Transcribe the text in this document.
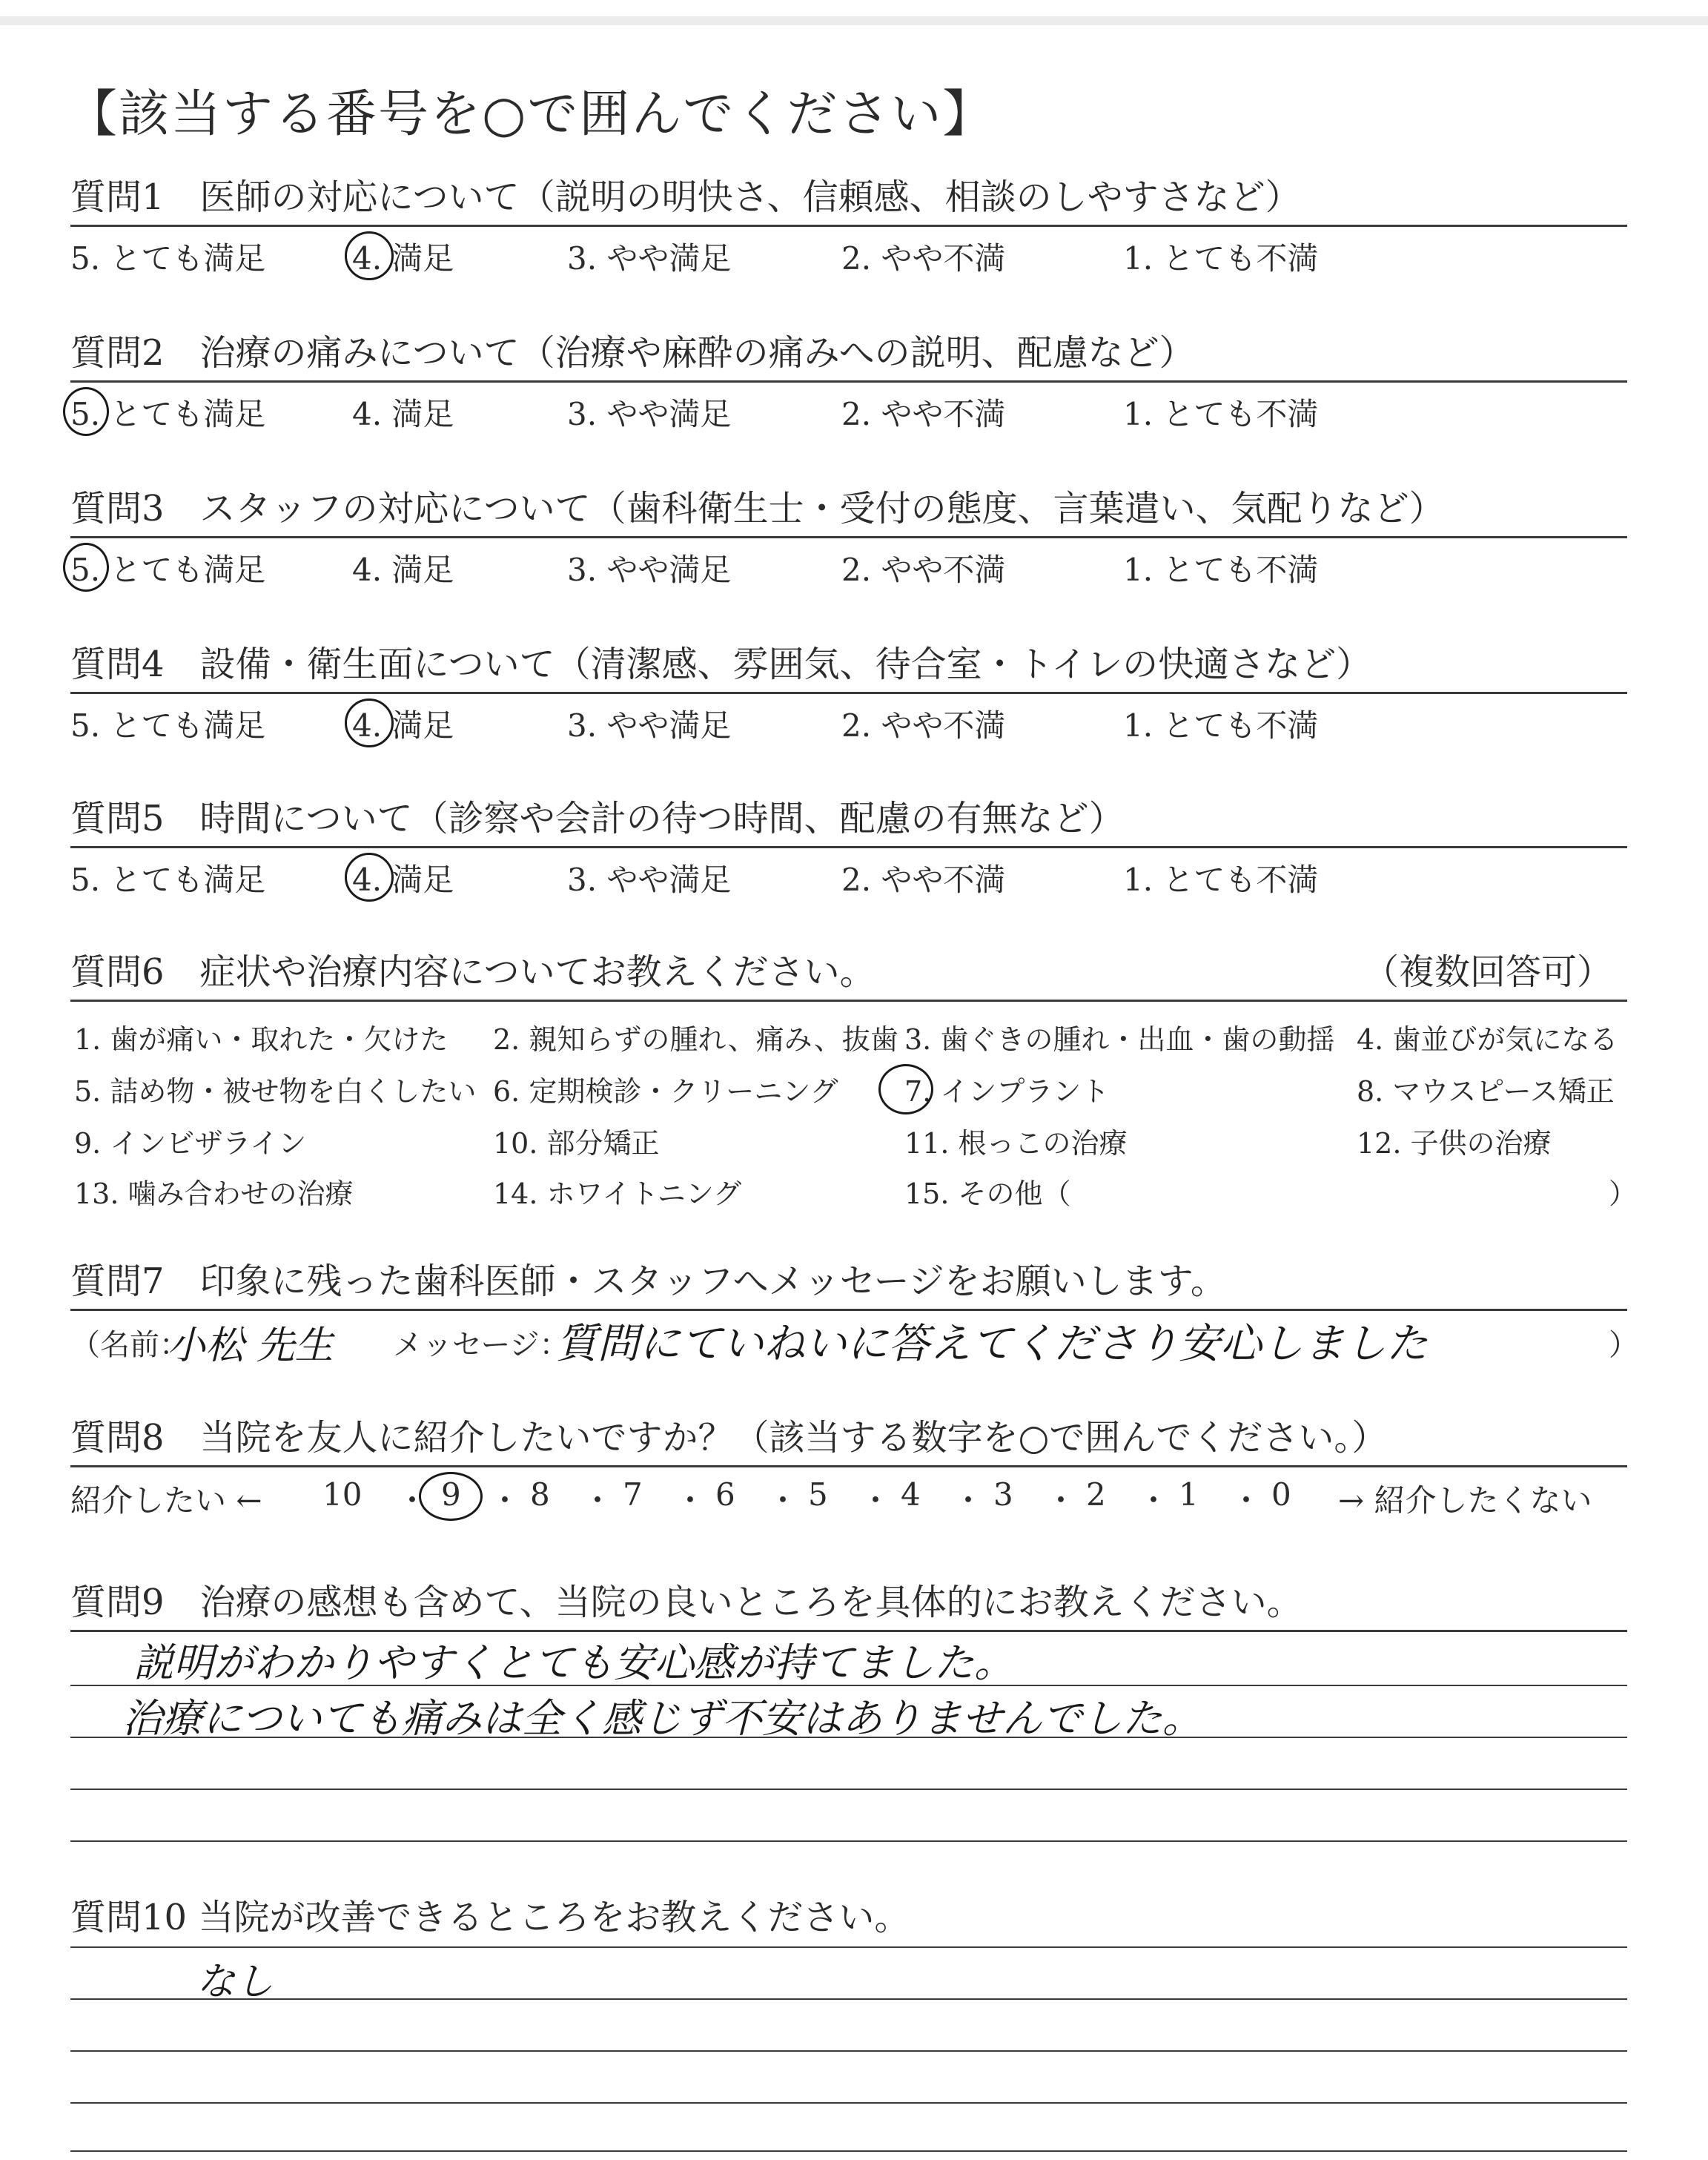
【該当する番号を○で囲んでください】
質問1　医師の対応について（説明の明快さ、信頼感、相談のしやすさなど）
5. とても満足	4. 満足	3. やや満足	2. やや不満	1. とても不満
質問2　治療の痛みについて（治療や麻酔の痛みへの説明、配慮など）
5. とても満足	4. 満足	3. やや満足	2. やや不満	1. とても不満
質問3　スタッフの対応について（歯科衛生士・受付の態度、言葉遣い、気配りなど）
5. とても満足	4. 満足	3. やや満足	2. やや不満	1. とても不満
質問4　設備・衛生面について（清潔感、雰囲気、待合室・トイレの快適さなど）
5. とても満足	4. 満足	3. やや満足	2. やや不満	1. とても不満
質問5　時間について（診察や会計の待つ時間、配慮の有無など）
5. とても満足	4. 満足	3. やや満足	2. やや不満	1. とても不満
質問6　症状や治療内容についてお教えください。	（複数回答可）
1. 歯が痛い・取れた・欠けた 2. 親知らずの腫れ、痛み、抜歯 3. 歯ぐきの腫れ・出血・歯の動揺 4. 歯並びが気になる
5. 詰め物・被せ物を白くしたい 6. 定期検診・クリーニング 7. インプラント	8. マウスピース矯正
9. インビザライン	10. 部分矯正	11. 根っこの治療	12. 子供の治療
13. 噛み合わせの治療	14. ホワイトニング	15. その他（	）
質問7　印象に残った歯科医師・スタッフへメッセージをお願いします。
（名前：
小松 先生 メッセージ：
質問にていねいに答えてくださり安心しました	）
質問8　当院を友人に紹介したいですか？（該当する数字を○で囲んでください。）
紹介したい ← 10 ・ 9 ・ 8 ・ 7 ・ 6 ・ 5 ・ 4 ・ 3 ・ 2 ・ 1 ・ 0 → 紹介したくない
質問9　治療の感想も含めて、当院の良いところを具体的にお教えください。
説明がわかりやすくとても安心感が持てました。
治療についても痛みは全く感じず不安はありませんでした。
質問10 当院が改善できるところをお教えください。
なし
